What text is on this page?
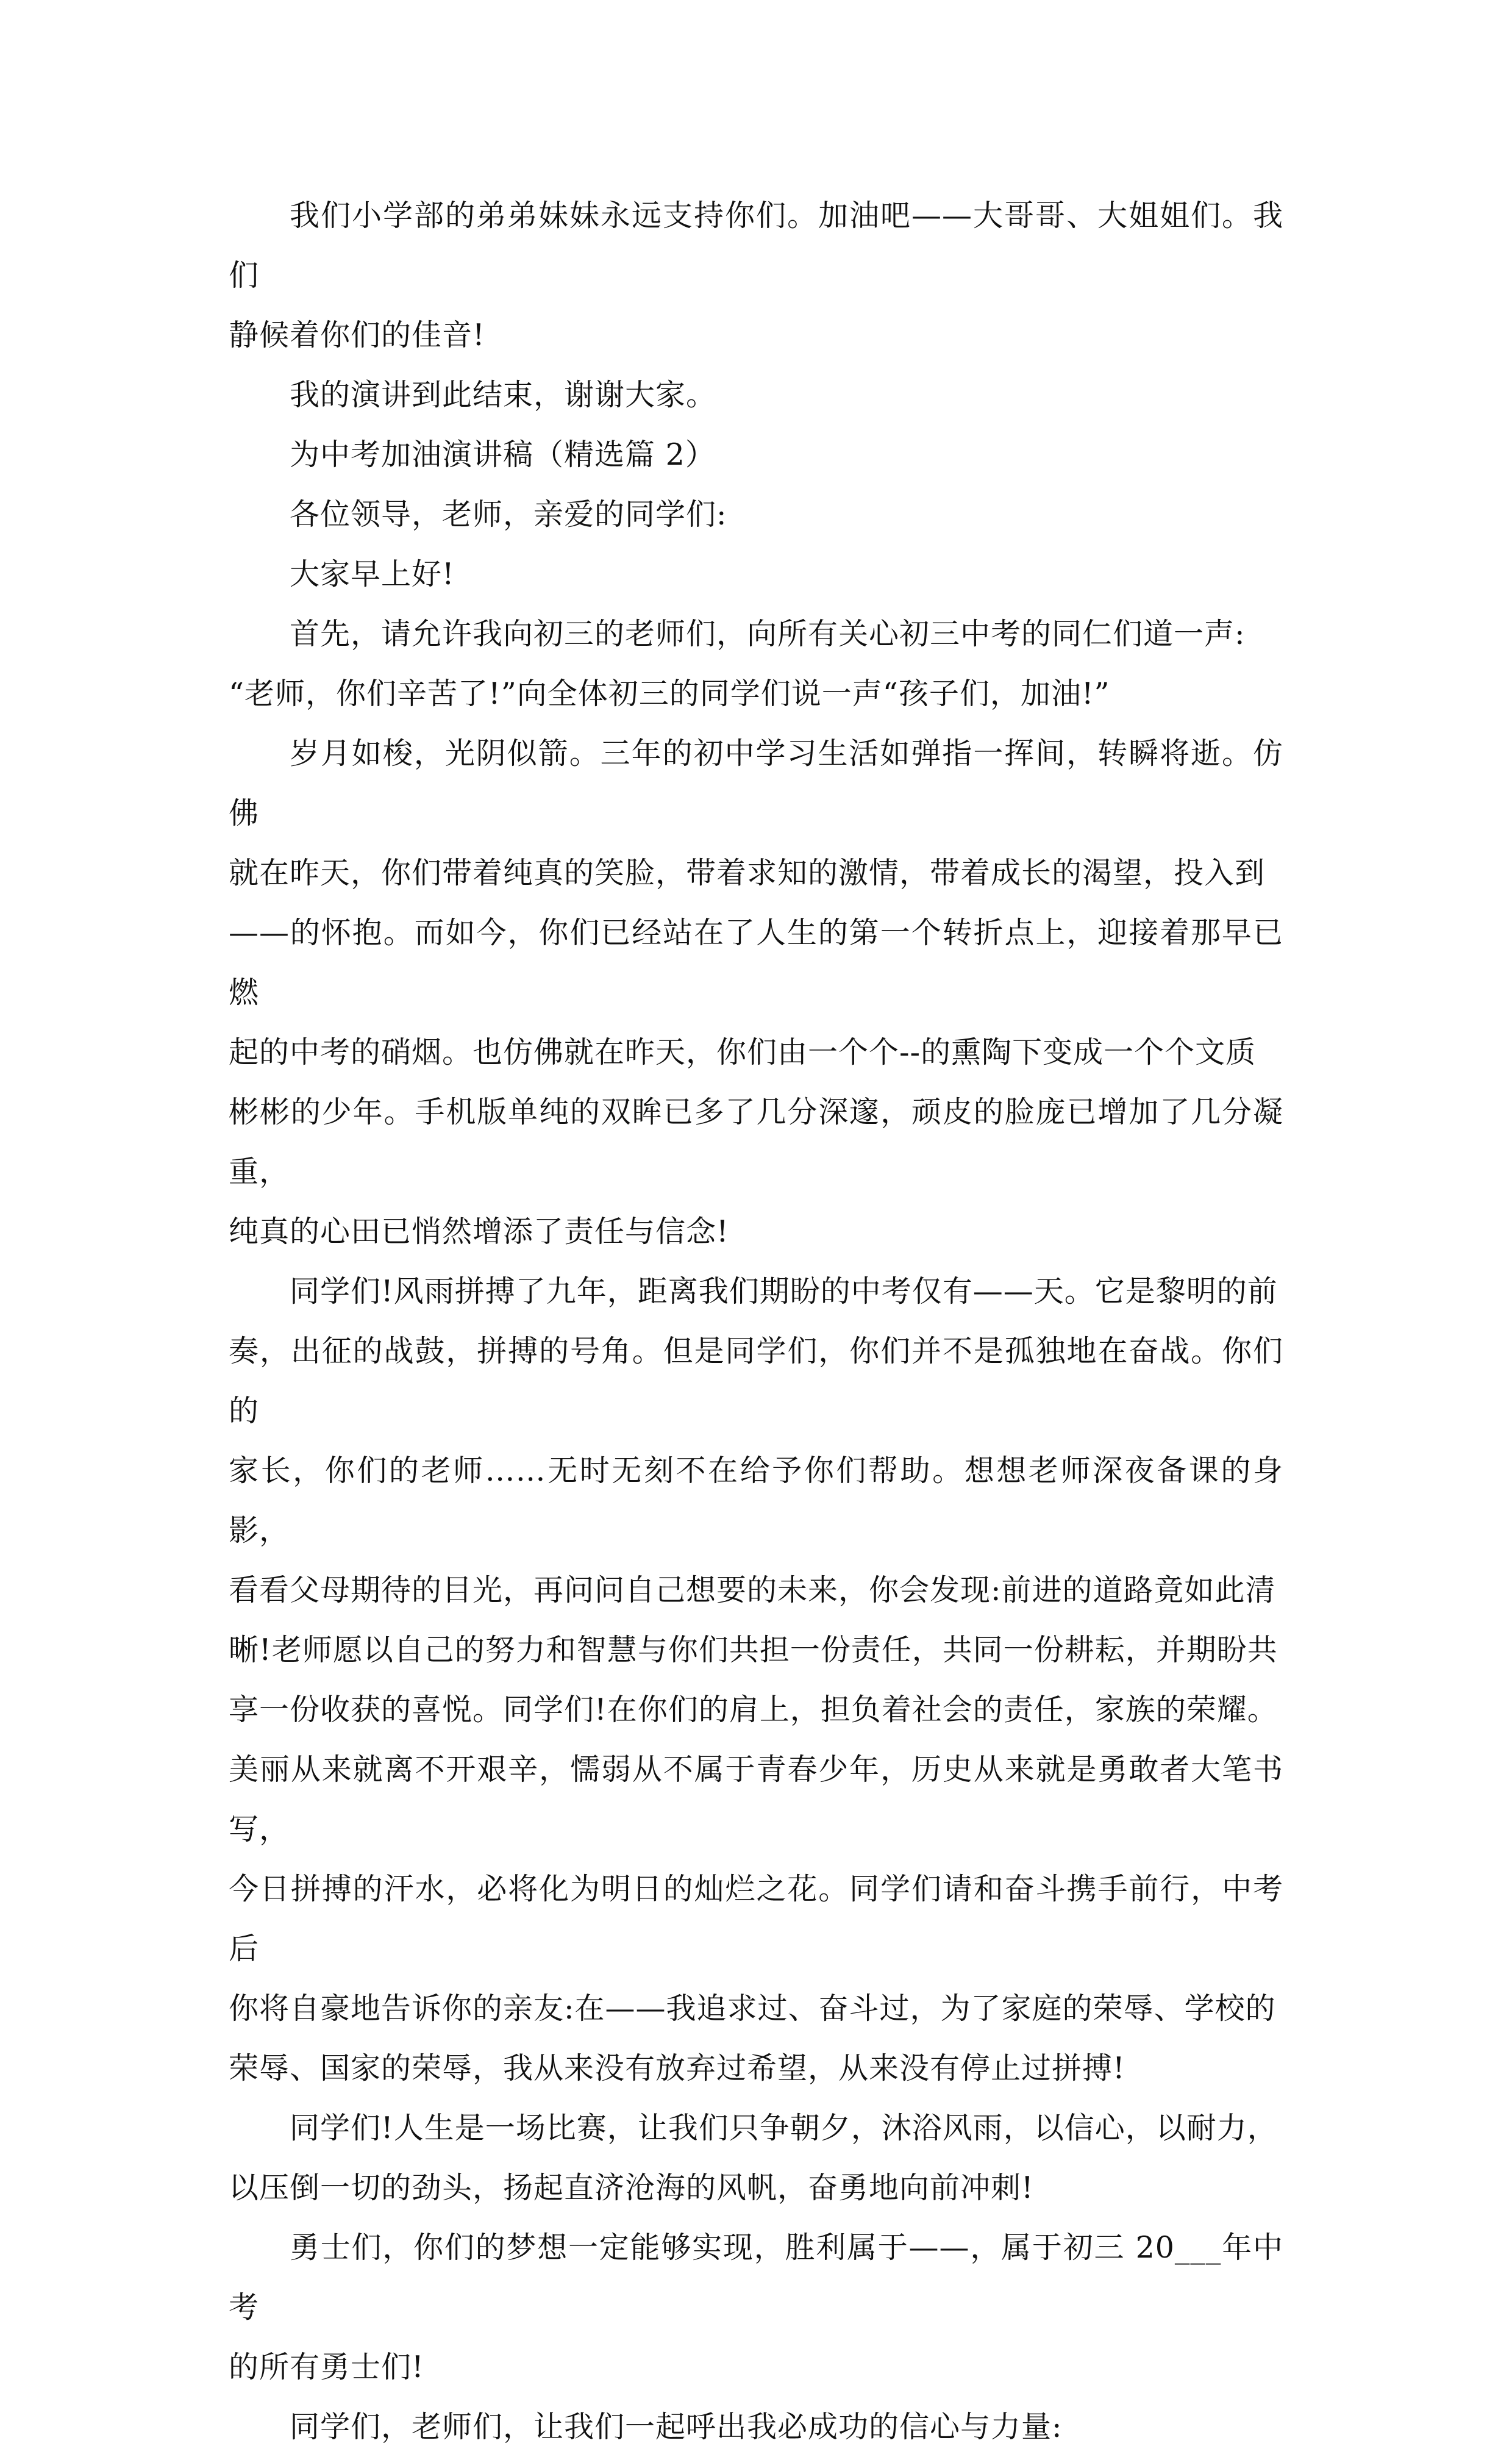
我们小学部的弟弟妹妹永远支持你们。加油吧——大哥哥、大姐姐们。我们
静候着你们的佳音!

我的演讲到此结束，谢谢大家。

为中考加油演讲稿（精选篇 2）

各位领导，老师，亲爱的同学们:

大家早上好!

首先，请允许我向初三的老师们，向所有关心初三中考的同仁们道一声:
“老师，你们辛苦了!”向全体初三的同学们说一声“孩子们，加油!”

岁月如梭，光阴似箭。三年的初中学习生活如弹指一挥间，转瞬将逝。仿佛
就在昨天，你们带着纯真的笑脸，带着求知的激情，带着成长的渴望，投入到
——的怀抱。而如今，你们已经站在了人生的第一个转折点上，迎接着那早已燃
起的中考的硝烟。也仿佛就在昨天，你们由一个个--的熏陶下变成一个个文质
彬彬的少年。手机版单纯的双眸已多了几分深邃，顽皮的脸庞已增加了几分凝重，
纯真的心田已悄然增添了责任与信念!

同学们!风雨拼搏了九年，距离我们期盼的中考仅有——天。它是黎明的前
奏，出征的战鼓，拼搏的号角。但是同学们，你们并不是孤独地在奋战。你们的
家长，你们的老师……无时无刻不在给予你们帮助。想想老师深夜备课的身影，
看看父母期待的目光，再问问自己想要的未来，你会发现:前进的道路竟如此清
晰!老师愿以自己的努力和智慧与你们共担一份责任，共同一份耕耘，并期盼共
享一份收获的喜悦。同学们!在你们的肩上，担负着社会的责任，家族的荣耀。
美丽从来就离不开艰辛，懦弱从不属于青春少年，历史从来就是勇敢者大笔书写，
今日拼搏的汗水，必将化为明日的灿烂之花。同学们请和奋斗携手前行，中考后
你将自豪地告诉你的亲友:在——我追求过、奋斗过，为了家庭的荣辱、学校的
荣辱、国家的荣辱，我从来没有放弃过希望，从来没有停止过拼搏!

同学们!人生是一场比赛，让我们只争朝夕，沐浴风雨，以信心，以耐力，
以压倒一切的劲头，扬起直济沧海的风帆，奋勇地向前冲刺!

勇士们，你们的梦想一定能够实现，胜利属于——，属于初三 20___年中考
的所有勇士们!

同学们，老师们，让我们一起呼出我必成功的信心与力量:
